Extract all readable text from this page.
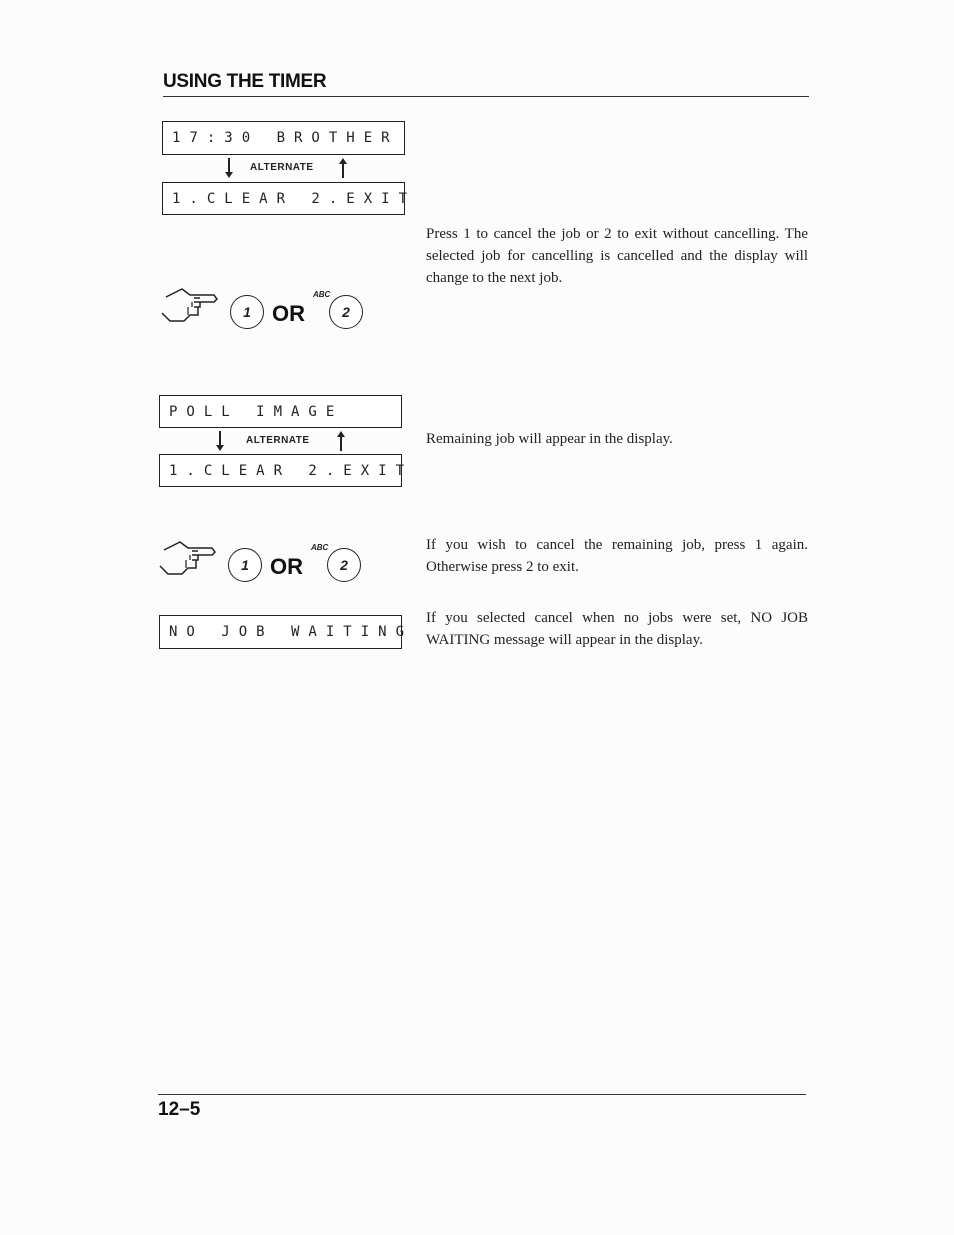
USING THE TIMER
17:30 BROTHER
ALTERNATE
1.CLEAR 2.EXIT
Press 1 to cancel the job or 2 to exit without cancelling. The selected job for cancelling is cancelled and the display will change to the next job.
1 OR
ABC
2
POLL IMAGE
ALTERNATE
1.CLEAR 2.EXIT
Remaining job will appear in the display.
1 OR
ABC
2
If you wish to cancel the remaining job, press 1 again. Otherwise press 2 to exit.
NO JOB WAITING
If you selected cancel when no jobs were set, NO JOB WAITING message will appear in the display.
12–5
